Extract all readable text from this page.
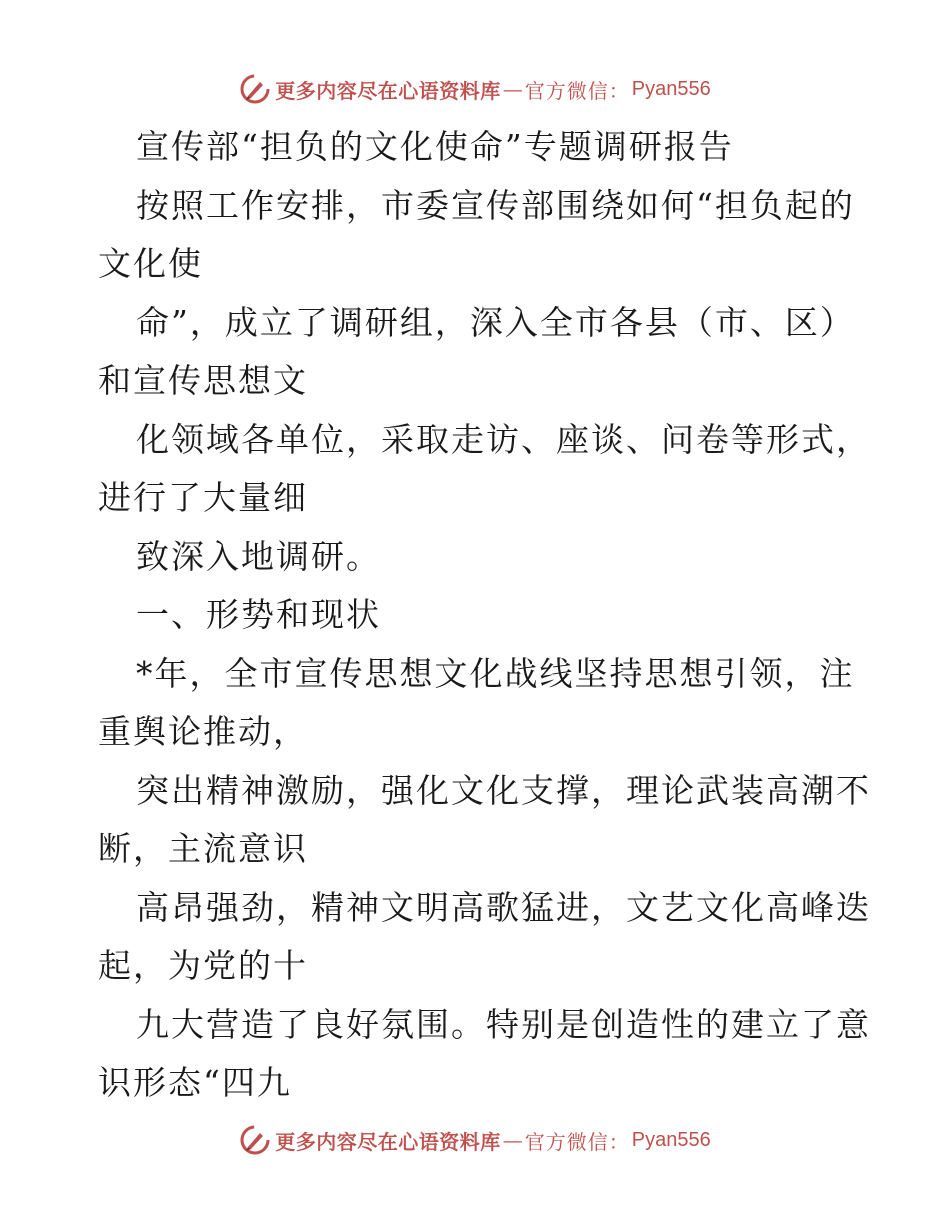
更多内容尽在心语资料库 — 官方微信： Pyan556
宣传部“担负的文化使命”专题调研报告
按照工作安排，市委宣传部围绕如何“担负起的
文化使
命”，成立了调研组，深入全市各县（市、区）
和宣传思想文
化领域各单位，采取走访、座谈、问卷等形式，
进行了大量细
致深入地调研。
一、形势和现状
*年，全市宣传思想文化战线坚持思想引领，注
重舆论推动，
突出精神激励，强化文化支撑，理论武装高潮不
断，主流意识
高昂强劲，精神文明高歌猛进，文艺文化高峰迭
起，为党的十
九大营造了良好氛围。特别是创造性的建立了意
识形态“四九
更多内容尽在心语资料库 — 官方微信： Pyan556
